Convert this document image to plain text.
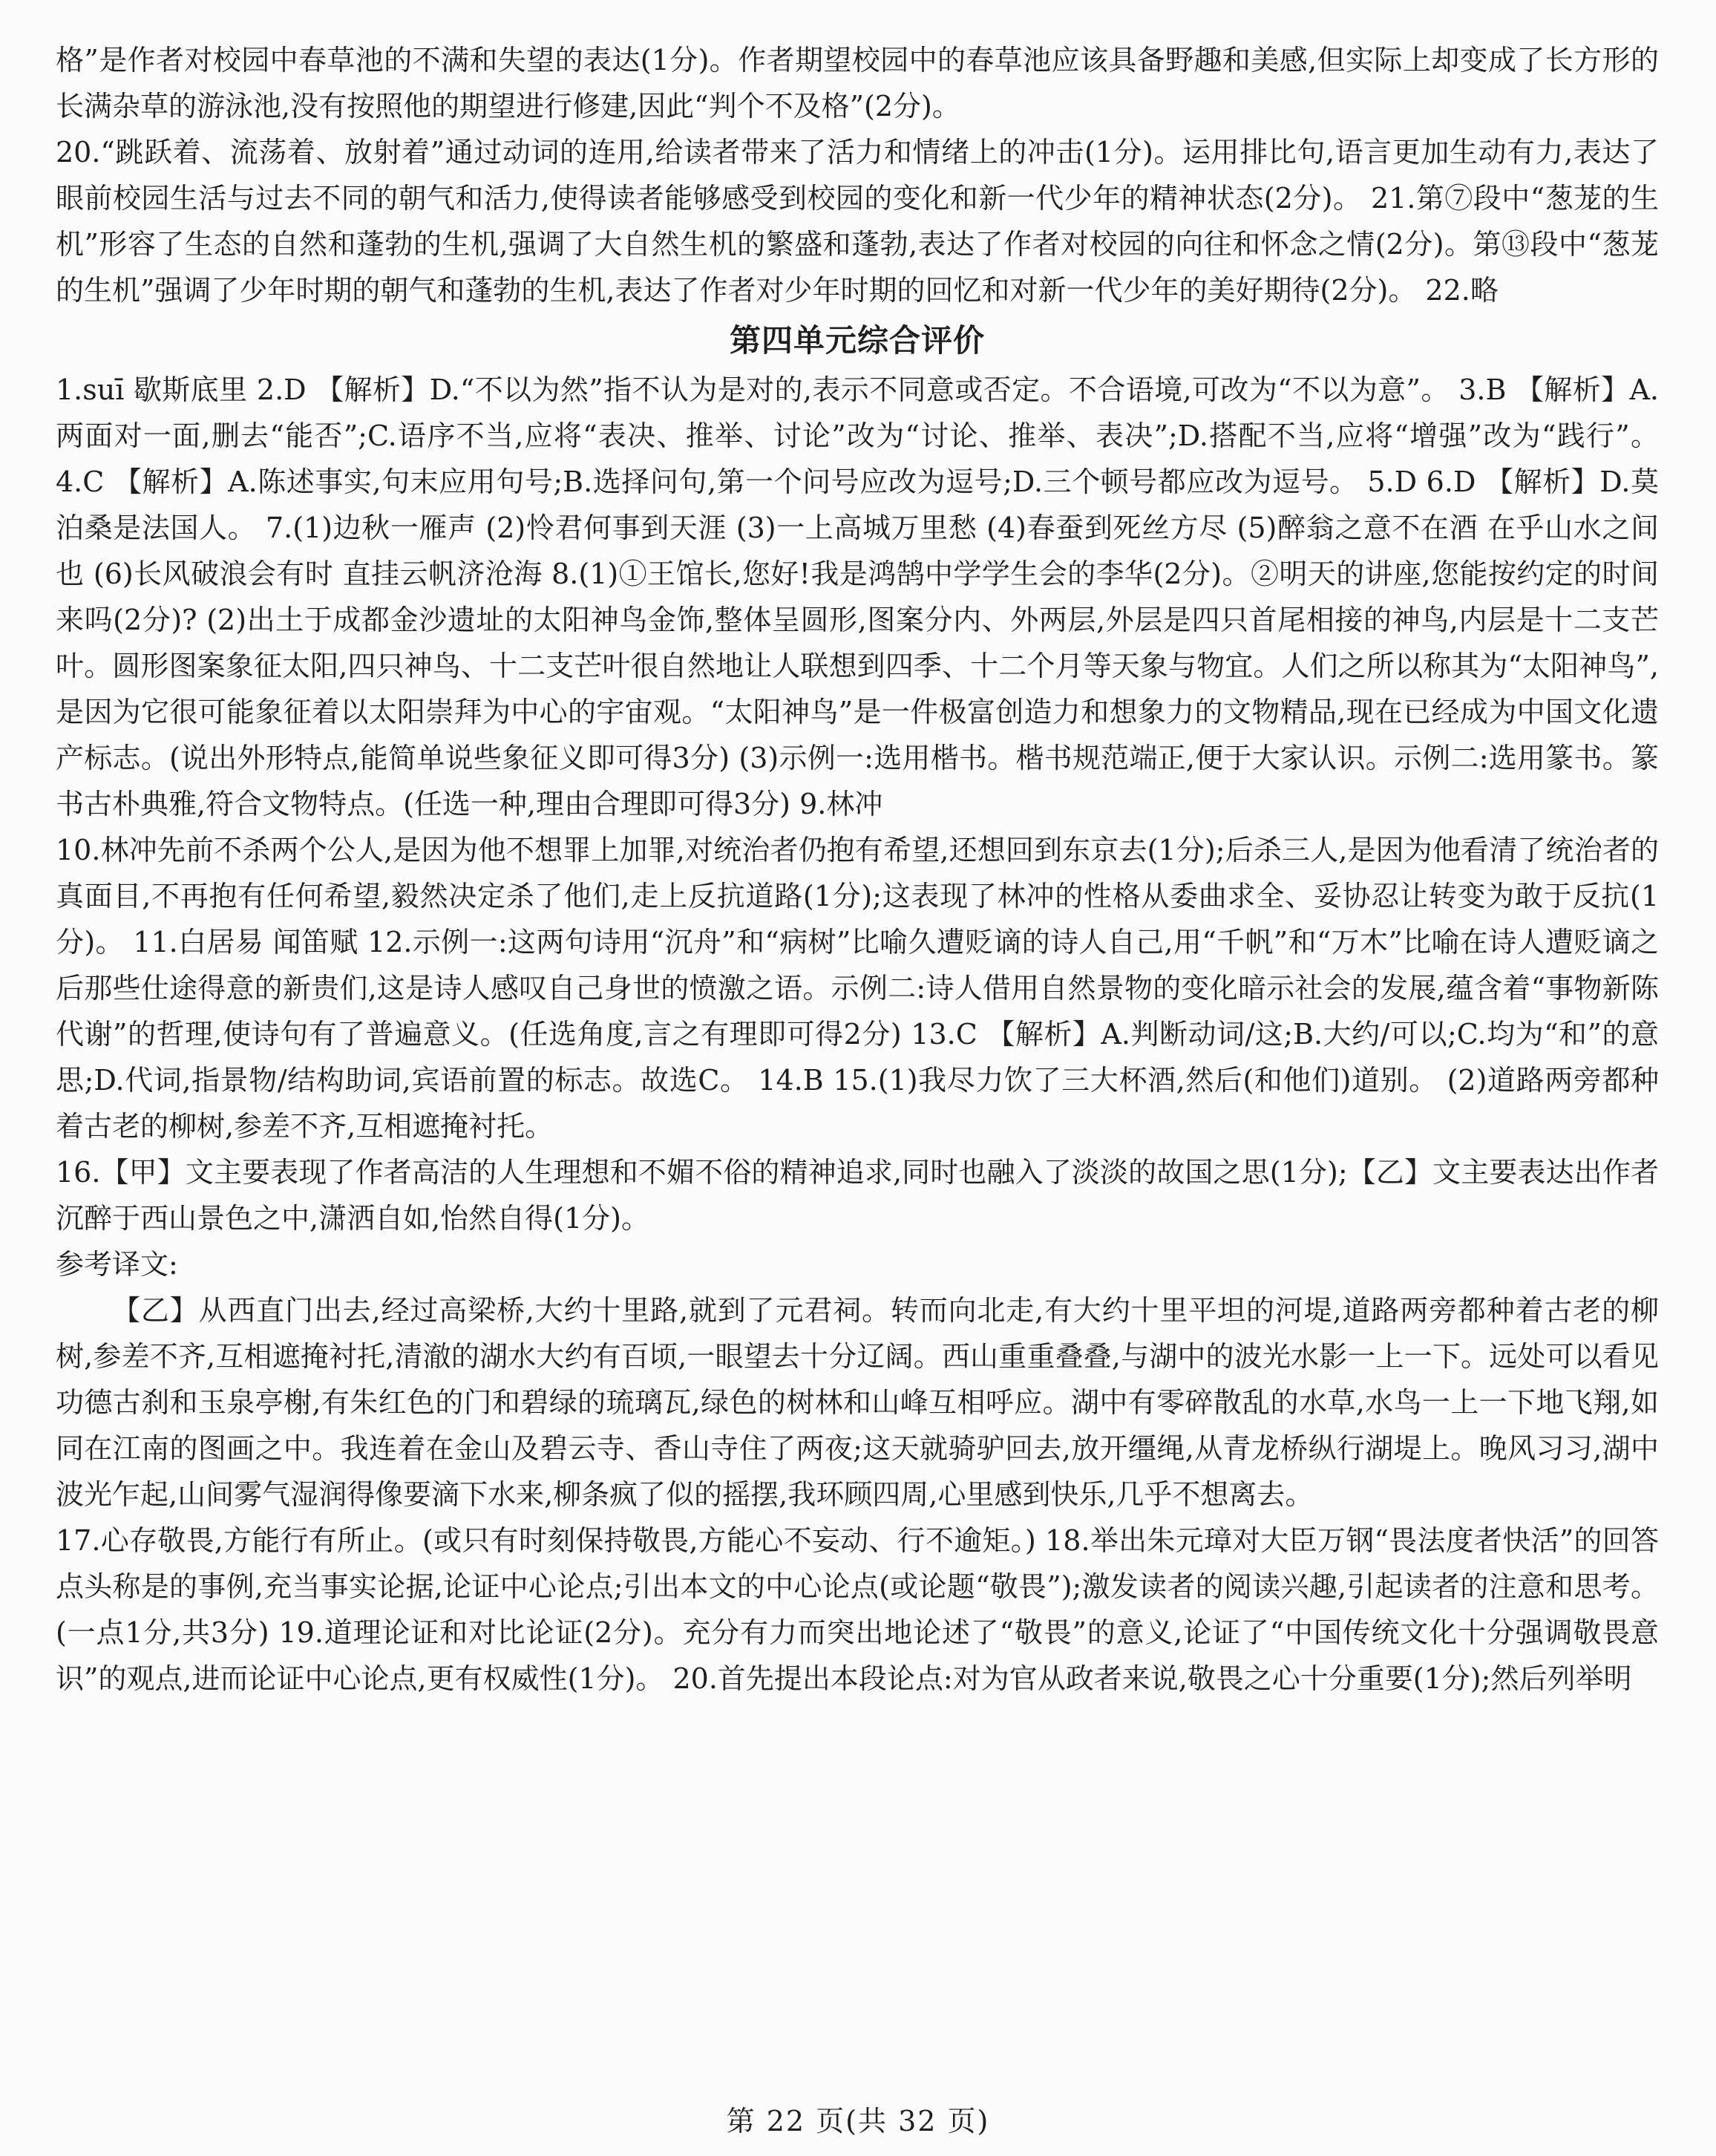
格”是作者对校园中春草池的不满和失望的表达(1分)。作者期望校园中的春草池应该具备野趣和美感,但实际上却变成了长方形的长满杂草的游泳池,没有按照他的期望进行修建,因此“判个不及格”(2分)。

20.“跳跃着、流荡着、放射着”通过动词的连用,给读者带来了活力和情绪上的冲击(1分)。运用排比句,语言更加生动有力,表达了眼前校园生活与过去不同的朝气和活力,使得读者能够感受到校园的变化和新一代少年的精神状态(2分)。 21.第⑦段中“葱茏的生机”形容了生态的自然和蓬勃的生机,强调了大自然生机的繁盛和蓬勃,表达了作者对校园的向往和怀念之情(2分)。第⑬段中“葱茏的生机”强调了少年时期的朝气和蓬勃的生机,表达了作者对少年时期的回忆和对新一代少年的美好期待(2分)。 22.略

第四单元综合评价

1.suī 歇斯底里 2.D 【解析】D.“不以为然”指不认为是对的,表示不同意或否定。不合语境,可改为“不以为意”。 3.B 【解析】A.两面对一面,删去“能否”;C.语序不当,应将“表决、推举、讨论”改为“讨论、推举、表决”;D.搭配不当,应将“增强”改为“践行”。 4.C 【解析】A.陈述事实,句末应用句号;B.选择问句,第一个问号应改为逗号;D.三个顿号都应改为逗号。 5.D 6.D 【解析】D.莫泊桑是法国人。 7.(1)边秋一雁声 (2)怜君何事到天涯 (3)一上高城万里愁 (4)春蚕到死丝方尽 (5)醉翁之意不在酒 在乎山水之间也 (6)长风破浪会有时 直挂云帆济沧海 8.(1)①王馆长,您好!我是鸿鹄中学学生会的李华(2分)。②明天的讲座,您能按约定的时间来吗(2分)? (2)出土于成都金沙遗址的太阳神鸟金饰,整体呈圆形,图案分内、外两层,外层是四只首尾相接的神鸟,内层是十二支芒叶。圆形图案象征太阳,四只神鸟、十二支芒叶很自然地让人联想到四季、十二个月等天象与物宜。人们之所以称其为“太阳神鸟”,是因为它很可能象征着以太阳崇拜为中心的宇宙观。“太阳神鸟”是一件极富创造力和想象力的文物精品,现在已经成为中国文化遗产标志。(说出外形特点,能简单说些象征义即可得3分) (3)示例一:选用楷书。楷书规范端正,便于大家认识。示例二:选用篆书。篆书古朴典雅,符合文物特点。(任选一种,理由合理即可得3分) 9.林冲

10.林冲先前不杀两个公人,是因为他不想罪上加罪,对统治者仍抱有希望,还想回到东京去(1分);后杀三人,是因为他看清了统治者的真面目,不再抱有任何希望,毅然决定杀了他们,走上反抗道路(1分);这表现了林冲的性格从委曲求全、妥协忍让转变为敢于反抗(1分)。 11.白居易 闻笛赋 12.示例一:这两句诗用“沉舟”和“病树”比喻久遭贬谪的诗人自己,用“千帆”和“万木”比喻在诗人遭贬谪之后那些仕途得意的新贵们,这是诗人感叹自己身世的愤激之语。示例二:诗人借用自然景物的变化暗示社会的发展,蕴含着“事物新陈代谢”的哲理,使诗句有了普遍意义。(任选角度,言之有理即可得2分) 13.C 【解析】A.判断动词/这;B.大约/可以;C.均为“和”的意思;D.代词,指景物/结构助词,宾语前置的标志。故选C。 14.B 15.(1)我尽力饮了三大杯酒,然后(和他们)道别。 (2)道路两旁都种着古老的柳树,参差不齐,互相遮掩衬托。

16.【甲】文主要表现了作者高洁的人生理想和不媚不俗的精神追求,同时也融入了淡淡的故国之思(1分);【乙】文主要表达出作者沉醉于西山景色之中,潇洒自如,怡然自得(1分)。

参考译文:

【乙】从西直门出去,经过高梁桥,大约十里路,就到了元君祠。转而向北走,有大约十里平坦的河堤,道路两旁都种着古老的柳树,参差不齐,互相遮掩衬托,清澈的湖水大约有百顷,一眼望去十分辽阔。西山重重叠叠,与湖中的波光水影一上一下。远处可以看见功德古刹和玉泉亭榭,有朱红色的门和碧绿的琉璃瓦,绿色的树林和山峰互相呼应。湖中有零碎散乱的水草,水鸟一上一下地飞翔,如同在江南的图画之中。我连着在金山及碧云寺、香山寺住了两夜;这天就骑驴回去,放开缰绳,从青龙桥纵行湖堤上。晚风习习,湖中波光乍起,山间雾气湿润得像要滴下水来,柳条疯了似的摇摆,我环顾四周,心里感到快乐,几乎不想离去。

17.心存敬畏,方能行有所止。(或只有时刻保持敬畏,方能心不妄动、行不逾矩。) 18.举出朱元璋对大臣万钢“畏法度者快活”的回答点头称是的事例,充当事实论据,论证中心论点;引出本文的中心论点(或论题“敬畏”);激发读者的阅读兴趣,引起读者的注意和思考。(一点1分,共3分) 19.道理论证和对比论证(2分)。充分有力而突出地论述了“敬畏”的意义,论证了“中国传统文化十分强调敬畏意识”的观点,进而论证中心论点,更有权威性(1分)。 20.首先提出本段论点:对为官从政者来说,敬畏之心十分重要(1分);然后列举明

第 22 页(共 32 页)
